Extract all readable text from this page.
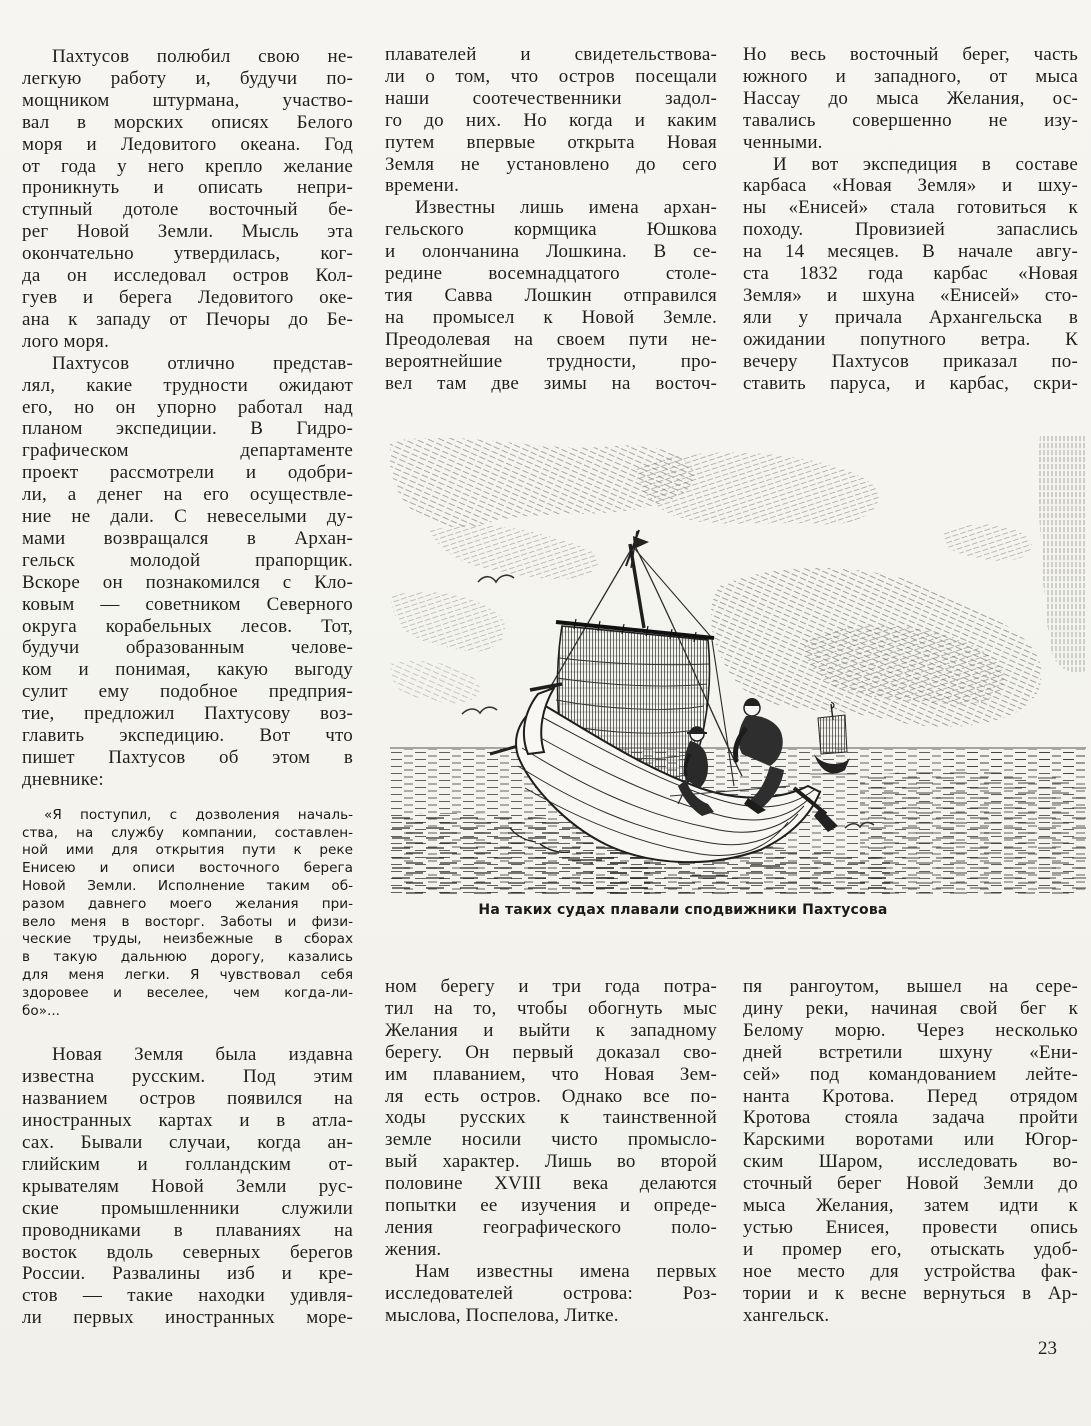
Пахтусов полюбил свою не-
легкую работу и, будучи по-
мощником штурмана, участво-
вал в морских описях Белого
моря и Ледовитого океана. Год
от года у него крепло желание
проникнуть и описать непри-
ступный дотоле восточный бе-
рег Новой Земли. Мысль эта
окончательно утвердилась, ког-
да он исследовал остров Кол-
гуев и берега Ледовитого оке-
ана к западу от Печоры до Бе-
лого моря.
Пахтусов отлично представ-
лял, какие трудности ожидают
его, но он упорно работал над
планом экспедиции. В Гидро-
графическом департаменте
проект рассмотрели и одобри-
ли, а денег на его осуществле-
ние не дали. С невеселыми ду-
мами возвращался в Архан-
гельск молодой прапорщик.
Вскоре он познакомился с Кло-
ковым — советником Северного
округа корабельных лесов. Тот,
будучи образованным челове-
ком и понимая, какую выгоду
сулит ему подобное предприя-
тие, предложил Пахтусову воз-
главить экспедицию. Вот что
пишет Пахтусов об этом в
дневнике:
«Я поступил, с дозволения началь-
ства, на службу компании, составлен-
ной ими для открытия пути к реке
Енисею и описи восточного берега
Новой Земли. Исполнение таким об-
разом давнего моего желания при-
вело меня в восторг. Заботы и физи-
ческие труды, неизбежные в сборах
в такую дальнюю дорогу, казались
для меня легки. Я чувствовал себя
здоровее и веселее, чем когда-ли-
бо»...
Новая Земля была издавна
известна русским. Под этим
названием остров появился на
иностранных картах и в атла-
сах. Бывали случаи, когда ан-
глийским и голландским от-
крывателям Новой Земли рус-
ские промышленники служили
проводниками в плаваниях на
восток вдоль северных берегов
России. Развалины изб и кре-
стов — такие находки удивля-
ли первых иностранных море-
плавателей и свидетельствова-
ли о том, что остров посещали
наши соотечественники задол-
го до них. Но когда и каким
путем впервые открыта Новая
Земля не установлено до сего
времени.
Известны лишь имена архан-
гельского кормщика Юшкова
и олончанина Лошкина. В се-
редине восемнадцатого столе-
тия Савва Лошкин отправился
на промысел к Новой Земле.
Преодолевая на своем пути не-
вероятнейшие трудности, про-
вел там две зимы на восточ-
Но весь восточный берег, часть
южного и западного, от мыса
Нассау до мыса Желания, ос-
тавались совершенно не изу-
ченными.
И вот экспедиция в составе
карбаса «Новая Земля» и шху-
ны «Енисей» стала готовиться к
походу. Провизией запаслись
на 14 месяцев. В начале авгу-
ста 1832 года карбас «Новая
Земля» и шхуна «Енисей» сто-
яли у причала Архангельска в
ожидании попутного ветра. К
вечеру Пахтусов приказал по-
ставить паруса, и карбас, скри-
На таких судах плавали сподвижники Пахтусова
ном берегу и три года потра-
тил на то, чтобы обогнуть мыс
Желания и выйти к западному
берегу. Он первый доказал сво-
им плаванием, что Новая Зем-
ля есть остров. Однако все по-
ходы русских к таинственной
земле носили чисто промысло-
вый характер. Лишь во второй
половине XVIII века делаются
попытки ее изучения и опреде-
ления географического поло-
жения.
Нам известны имена первых
исследователей острова: Роз-
мыслова, Поспелова, Литке.
пя рангоутом, вышел на сере-
дину реки, начиная свой бег к
Белому морю. Через несколько
дней встретили шхуну «Ени-
сей» под командованием лейте-
нанта Кротова. Перед отрядом
Кротова стояла задача пройти
Карскими воротами или Югор-
ским Шаром, исследовать во-
сточный берег Новой Земли до
мыса Желания, затем идти к
устью Енисея, провести опись
и промер его, отыскать удоб-
ное место для устройства фак-
тории и к весне вернуться в Ар-
хангельск.
23
